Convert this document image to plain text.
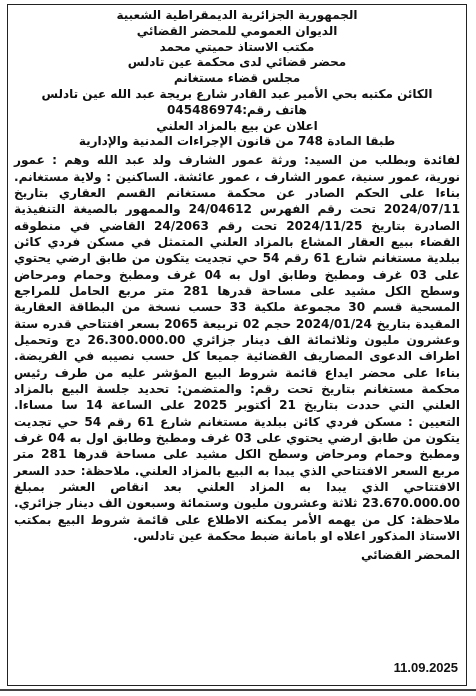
الجمهورية الجزائرية الديمقراطية الشعبية
الديوان العمومي للمحضر القضائي
مكتب الاستاذ حميتي محمد
محضر قضائي لدى محكمة عين تادلس
مجلس قضاء مستغانم
الكائن مكتبه بحي الأمير عبد القادر شارع بريجة عبد الله عين تادلس
هاتف رقم:045486974
اعلان عن بيع بالمزاد العلني
طبقا المادة 748 من قانون الإجراءات المدنية والإدارية
لفائدة وبطلب من السيد: ورثة عمور الشارف ولد عبد الله وهم : عمور نورية، عمور سنية، عمور الشارف ، عمور عائشة. الساكنين : ولاية مستغانم. بناءا على الحكم الصادر عن محكمة مستغانم القسم العقاري بتاريخ 2024/07/11 تحت رقم الفهرس 24/04612 والممهور بالصيغة التنفيذية الصادرة بتاريخ 2024/11/25 تحت رقم 24/2063 القاضي في منطوقه القضاء ببيع العقار المشاع بالمزاد العلني المتمثل في مسكن فردي كائن ببلدية مستغانم شارع 61 رقم 54 حي تجديت يتكون من طابق ارضي يحتوي على 03 غرف ومطبخ وطابق اول به 04 غرف ومطبخ وحمام ومرحاض وسطح الكل مشيد على مساحة قدرها 281 متر مربع الحامل للمراجع المسحية قسم 30 مجموعة ملكية 33 حسب نسخة من البطاقة العقارية المقيدة بتاريخ 2024/01/24 حجم 02 تربيعة 2065 بسعر افتتاحي قدره ستة وعشرون مليون وثلاثمائة الف دينار جزائري 26.300.000.00 دج وتحميل اطراف الدعوى المصاريف القضائية جميعا كل حسب نصيبه في الفريضة. بناءا على محضر ايداع قائمة شروط البيع المؤشر عليه من طرف رئيس محكمة مستغانم بتاريخ تحت رقم: والمتضمن: تحديد جلسة البيع بالمزاد العلني التي حددت بتاريخ 21 أكتوبر 2025 على الساعة 14 سا مساءا. التعيين : مسكن فردي كائن ببلدية مستغانم شارع 61 رقم 54 حي تجديت يتكون من طابق ارضي يحتوي على 03 غرف ومطبخ وطابق اول به 04 غرف ومطبخ وحمام ومرحاض وسطح الكل مشيد على مساحة قدرها 281 متر مربع السعر الافتتاحي الذي يبدا به البيع بالمزاد العلني. ملاحظة: حدد السعر الافتتاحي الذي يبدا به المزاد العلني بعد انقاص العشر بمبلغ 23.670.000.00 ثلاثة وعشرون مليون وستمائة وسبعون الف دينار جزائري. ملاحظة: كل من يهمه الأمر يمكنه الاطلاع على قائمة شروط البيع بمكتب الاستاذ المذكور اعلاه او بامانة ضبط محكمة عين تادلس.
المحضر القضائي
11.09.2025
